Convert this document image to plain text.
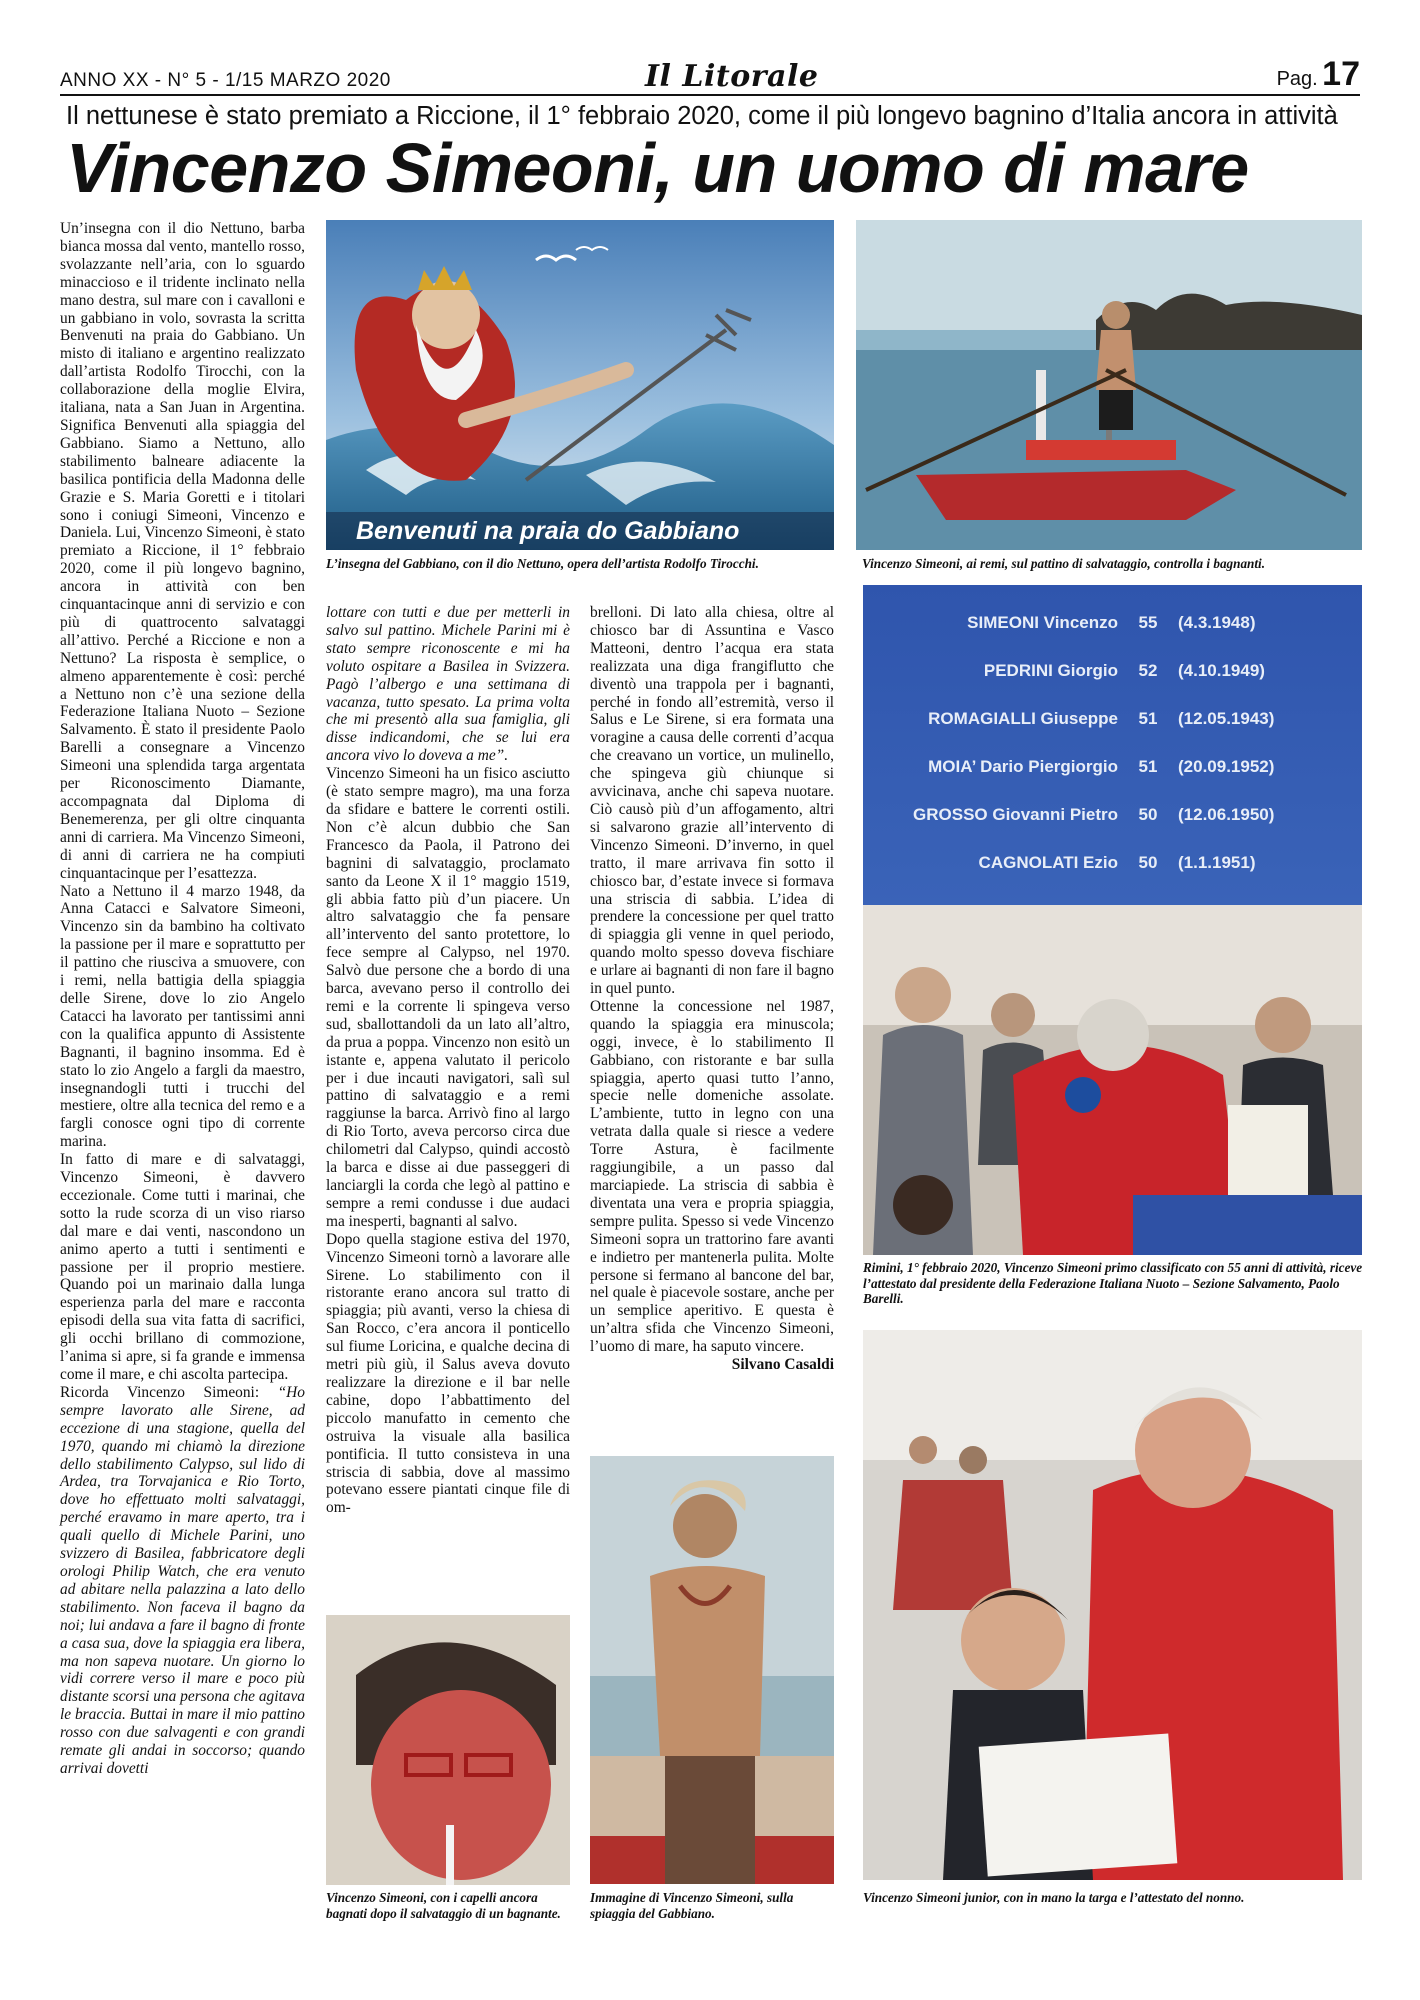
ANNO XX - N° 5 - 1/15 MARZO 2020	Il Litorale	Pag. 17
Il nettunese è stato premiato a Riccione, il 1° febbraio 2020, come il più longevo bagnino d’Italia ancora in attività
Vincenzo Simeoni, un uomo di mare

Un’insegna con il dio Nettuno, barba bianca mossa dal vento, mantello rosso, svolazzante nell’aria, con lo sguardo minaccioso e il tridente inclinato nella mano destra, sul mare con i cavalloni e un gabbiano in volo, sovrasta la scritta Benvenuti na praia do Gabbiano. Un misto di italiano e argentino realizzato dall’artista Rodolfo Tirocchi, con la collaborazione della moglie Elvira, italiana, nata a San Juan in Argentina. Significa Benvenuti alla spiaggia del Gabbiano. Siamo a Nettuno, allo stabilimento balneare adiacente la basilica pontificia della Madonna delle Grazie e S. Maria Goretti e i titolari sono i coniugi Simeoni, Vincenzo e Daniela. Lui, Vincenzo Simeoni, è stato premiato a Riccione, il 1° febbraio 2020, come il più longevo bagnino, ancora in attività con ben cinquantacinque anni di servizio e con più di quattrocento salvataggi all’attivo. Perché a Riccione e non a Nettuno? La risposta è semplice, o almeno apparentemente è così: perché a Nettuno non c’è una sezione della Federazione Italiana Nuoto – Sezione Salvamento. È stato il presidente Paolo Barelli a consegnare a Vincenzo Simeoni una splendida targa argentata per Riconoscimento Diamante, accompagnata dal Diploma di Benemerenza, per gli oltre cinquanta anni di carriera. Ma Vincenzo Simeoni, di anni di carriera ne ha compiuti cinquantacinque per l’esattezza.

Nato a Nettuno il 4 marzo 1948, da Anna Catacci e Salvatore Simeoni, Vincenzo sin da bambino ha coltivato la passione per il mare e soprattutto per il pattino che riusciva a smuovere, con i remi, nella battigia della spiaggia delle Sirene, dove lo zio Angelo Catacci ha lavorato per tantissimi anni con la qualifica appunto di Assistente Bagnanti, il bagnino insomma. Ed è stato lo zio Angelo a fargli da maestro, insegnandogli tutti i trucchi del mestiere, oltre alla tecnica del remo e a fargli conosce ogni tipo di corrente marina.

In fatto di mare e di salvataggi, Vincenzo Simeoni, è davvero eccezionale. Come tutti i marinai, che sotto la rude scorza di un viso riarso dal mare e dai venti, nascondono un animo aperto a tutti i sentimenti e passione per il proprio mestiere. Quando poi un marinaio dalla lunga esperienza parla del mare e racconta episodi della sua vita fatta di sacrifici, gli occhi brillano di commozione, l’anima si apre, si fa grande e immensa come il mare, e chi ascolta partecipa.

Ricorda Vincenzo Simeoni: “Ho sempre lavorato alle Sirene, ad eccezione di una stagione, quella del 1970, quando mi chiamò la direzione dello stabilimento Calypso, sul lido di Ardea, tra Torvajanica e Rio Torto, dove ho effettuato molti salvataggi, perché eravamo in mare aperto, tra i quali quello di Michele Parini, uno svizzero di Basilea, fabbricatore degli orologi Philip Watch, che era venuto ad abitare nella palazzina a lato dello stabilimento. Non faceva il bagno da noi; lui andava a fare il bagno di fronte a casa sua, dove la spiaggia era libera, ma non sapeva nuotare. Un giorno lo vidi correre verso il mare e poco più distante scorsi una persona che agitava le braccia. Buttai in mare il mio pattino rosso con due salvagenti e con grandi remate gli andai in soccorso; quando arrivai dovetti

Benvenuti na praia do Gabbiano
L’insegna del Gabbiano, con il dio Nettuno, opera dell’artista Rodolfo Tirocchi.	Vincenzo Simeoni, ai remi, sul pattino di salvataggio, controlla i bagnanti.
SIMEONI Vincenzo	55	(4.3.1948)
PEDRINI Giorgio	52	(4.10.1949)
ROMAGIALLI Giuseppe	51	(12.05.1943)
MOIA’ Dario Piergiorgio	51	(20.09.1952)
GROSSO Giovanni Pietro	50	(12.06.1950)
CAGNOLATI Ezio	50	(1.1.1951)
Rimini, 1° febbraio 2020, Vincenzo Simeoni primo classificato con 55 anni di attività, riceve l’attestato dal presidente della Federazione Italiana Nuoto – Sezione Salvamento, Paolo Barelli.

lottare con tutti e due per metterli in salvo sul pattino. Michele Parini mi è stato sempre riconoscente e mi ha voluto ospitare a Basilea in Svizzera. Pagò l’albergo e una settimana di vacanza, tutto spesato. La prima volta che mi presentò alla sua famiglia, gli disse indicandomi, che se lui era ancora vivo lo doveva a me”.

Vincenzo Simeoni ha un fisico asciutto (è stato sempre magro), ma una forza da sfidare e battere le correnti ostili. Non c’è alcun dubbio che San Francesco da Paola, il Patrono dei bagnini di salvataggio, proclamato santo da Leone X il 1° maggio 1519, gli abbia fatto più d’un piacere. Un altro salvataggio che fa pensare all’intervento del santo protettore, lo fece sempre al Calypso, nel 1970. Salvò due persone che a bordo di una barca, avevano perso il controllo dei remi e la corrente li spingeva verso sud, sballottandoli da un lato all’altro, da prua a poppa. Vincenzo non esitò un istante e, appena valutato il pericolo per i due incauti navigatori, salì sul pattino di salvataggio e a remi raggiunse la barca. Arrivò fino al largo di Rio Torto, aveva percorso circa due chilometri dal Calypso, quindi accostò la barca e disse ai due passeggeri di lanciargli la corda che legò al pattino e sempre a remi condusse i due audaci ma inesperti, bagnanti al salvo.

Dopo quella stagione estiva del 1970, Vincenzo Simeoni tornò a lavorare alle Sirene. Lo stabilimento con il ristorante erano ancora sul tratto di spiaggia; più avanti, verso la chiesa di San Rocco, c’era ancora il ponticello sul fiume Loricina, e qualche decina di metri più giù, il Salus aveva dovuto realizzare la direzione e il bar nelle cabine, dopo l’abbattimento del piccolo manufatto in cemento che ostruiva la visuale alla basilica pontificia. Il tutto consisteva in una striscia di sabbia, dove al massimo potevano essere piantati cinque file di om-

brelloni. Di lato alla chiesa, oltre al chiosco bar di Assuntina e Vasco Matteoni, dentro l’acqua era stata realizzata una diga frangiflutto che diventò una trappola per i bagnanti, perché in fondo all’estremità, verso il Salus e Le Sirene, si era formata una voragine a causa delle correnti d’acqua che creavano un vortice, un mulinello, che spingeva giù chiunque si avvicinava, anche chi sapeva nuotare. Ciò causò più d’un affogamento, altri si salvarono grazie all’intervento di Vincenzo Simeoni. D’inverno, in quel tratto, il mare arrivava fin sotto il chiosco bar, d’estate invece si formava una striscia di sabbia. L’idea di prendere la concessione per quel tratto di spiaggia gli venne in quel periodo, quando molto spesso doveva fischiare e urlare ai bagnanti di non fare il bagno in quel punto.

Ottenne la concessione nel 1987, quando la spiaggia era minuscola; oggi, invece, è lo stabilimento Il Gabbiano, con ristorante e bar sulla spiaggia, aperto quasi tutto l’anno, specie nelle domeniche assolate. L’ambiente, tutto in legno con una vetrata dalla quale si riesce a vedere Torre Astura, è facilmente raggiungibile, a un passo dal marciapiede. La striscia di sabbia è diventata una vera e propria spiaggia, sempre pulita. Spesso si vede Vincenzo Simeoni sopra un trattorino fare avanti e indietro per mantenerla pulita. Molte persone si fermano al bancone del bar, nel quale è piacevole sostare, anche per un semplice aperitivo. E questa è un’altra sfida che Vincenzo Simeoni, l’uomo di mare, ha saputo vincere.

Silvano Casaldi

Vincenzo Simeoni, con i capelli ancora bagnati dopo il salvataggio di un bagnante.
Immagine di Vincenzo Simeoni, sulla spiaggia del Gabbiano.
Vincenzo Simeoni junior, con in mano la targa e l’attestato del nonno.
